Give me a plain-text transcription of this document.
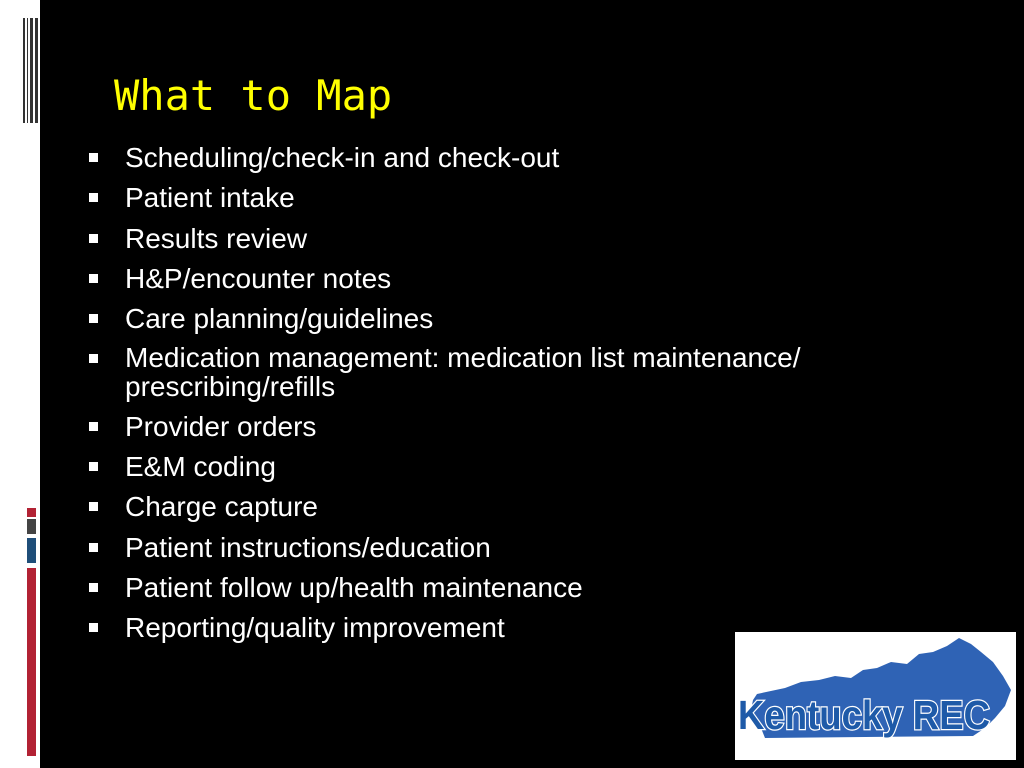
What to Map
Scheduling/check-in and check-out
Patient intake
Results review
H&P/encounter notes
Care planning/guidelines
Medication management: medication list maintenance/ prescribing/refills
Provider orders
E&M coding
Charge capture
Patient instructions/education
Patient follow up/health maintenance
Reporting/quality improvement
Kentucky REC
